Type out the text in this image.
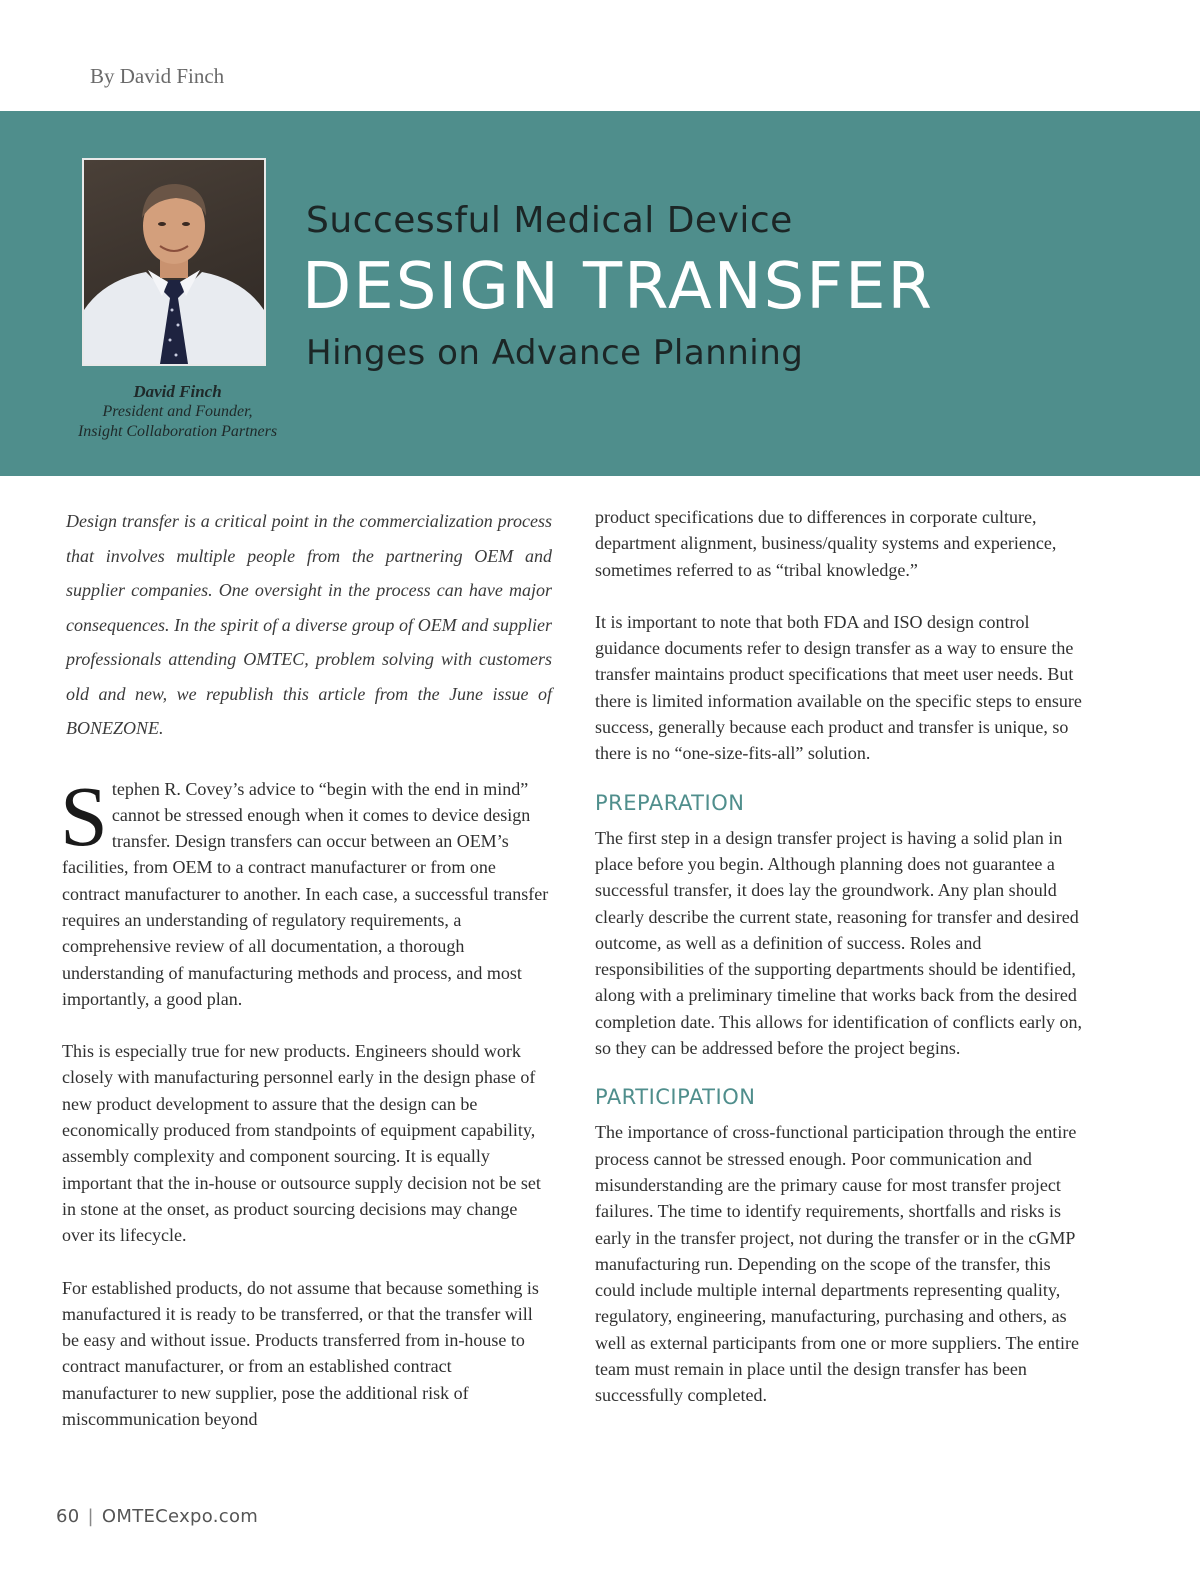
By David Finch
David Finch
President and Founder,
Insight Collaboration Partners
Successful Medical Device
DESIGN TRANSFER
Hinges on Advance Planning

Design transfer is a critical point in the commercialization process that involves multiple people from the partnering OEM and supplier companies. One oversight in the process can have major consequences. In the spirit of a diverse group of OEM and supplier professionals attending OMTEC, problem solving with customers old and new, we republish this article from the June issue of BONEZONE.

Stephen R. Covey’s advice to “begin with the end in mind” cannot be stressed enough when it comes to device design transfer. Design transfers can occur between an OEM’s facilities, from OEM to a contract manufacturer or from one contract manufacturer to another. In each case, a successful transfer requires an understanding of regulatory requirements, a comprehensive review of all documentation, a thorough understanding of manufacturing methods and process, and most importantly, a good plan.

This is especially true for new products. Engineers should work closely with manufacturing personnel early in the design phase of new product development to assure that the design can be economically produced from standpoints of equipment capability, assembly complexity and component sourcing. It is equally important that the in-house or outsource supply decision not be set in stone at the onset, as product sourcing decisions may change over its lifecycle.

For established products, do not assume that because something is manufactured it is ready to be transferred, or that the transfer will be easy and without issue. Products transferred from in-house to contract manufacturer, or from an established contract manufacturer to new supplier, pose the additional risk of miscommunication beyond

product specifications due to differences in corporate culture, department alignment, business/quality systems and experience, sometimes referred to as “tribal knowledge.”

It is important to note that both FDA and ISO design control guidance documents refer to design transfer as a way to ensure the transfer maintains product specifications that meet user needs. But there is limited information available on the specific steps to ensure success, generally because each product and transfer is unique, so there is no “one-size-fits-all” solution.

PREPARATION

The first step in a design transfer project is having a solid plan in place before you begin. Although planning does not guarantee a successful transfer, it does lay the groundwork. Any plan should clearly describe the current state, reasoning for transfer and desired outcome, as well as a definition of success. Roles and responsibilities of the supporting departments should be identified, along with a preliminary timeline that works back from the desired completion date. This allows for identification of conflicts early on, so they can be addressed before the project begins.

PARTICIPATION

The importance of cross-functional participation through the entire process cannot be stressed enough. Poor communication and misunderstanding are the primary cause for most transfer project failures. The time to identify requirements, shortfalls and risks is early in the transfer project, not during the transfer or in the cGMP manufacturing run. Depending on the scope of the transfer, this could include multiple internal departments representing quality, regulatory, engineering, manufacturing, purchasing and others, as well as external participants from one or more suppliers. The entire team must remain in place until the design transfer has been successfully completed.

60 | OMTECexpo.com
